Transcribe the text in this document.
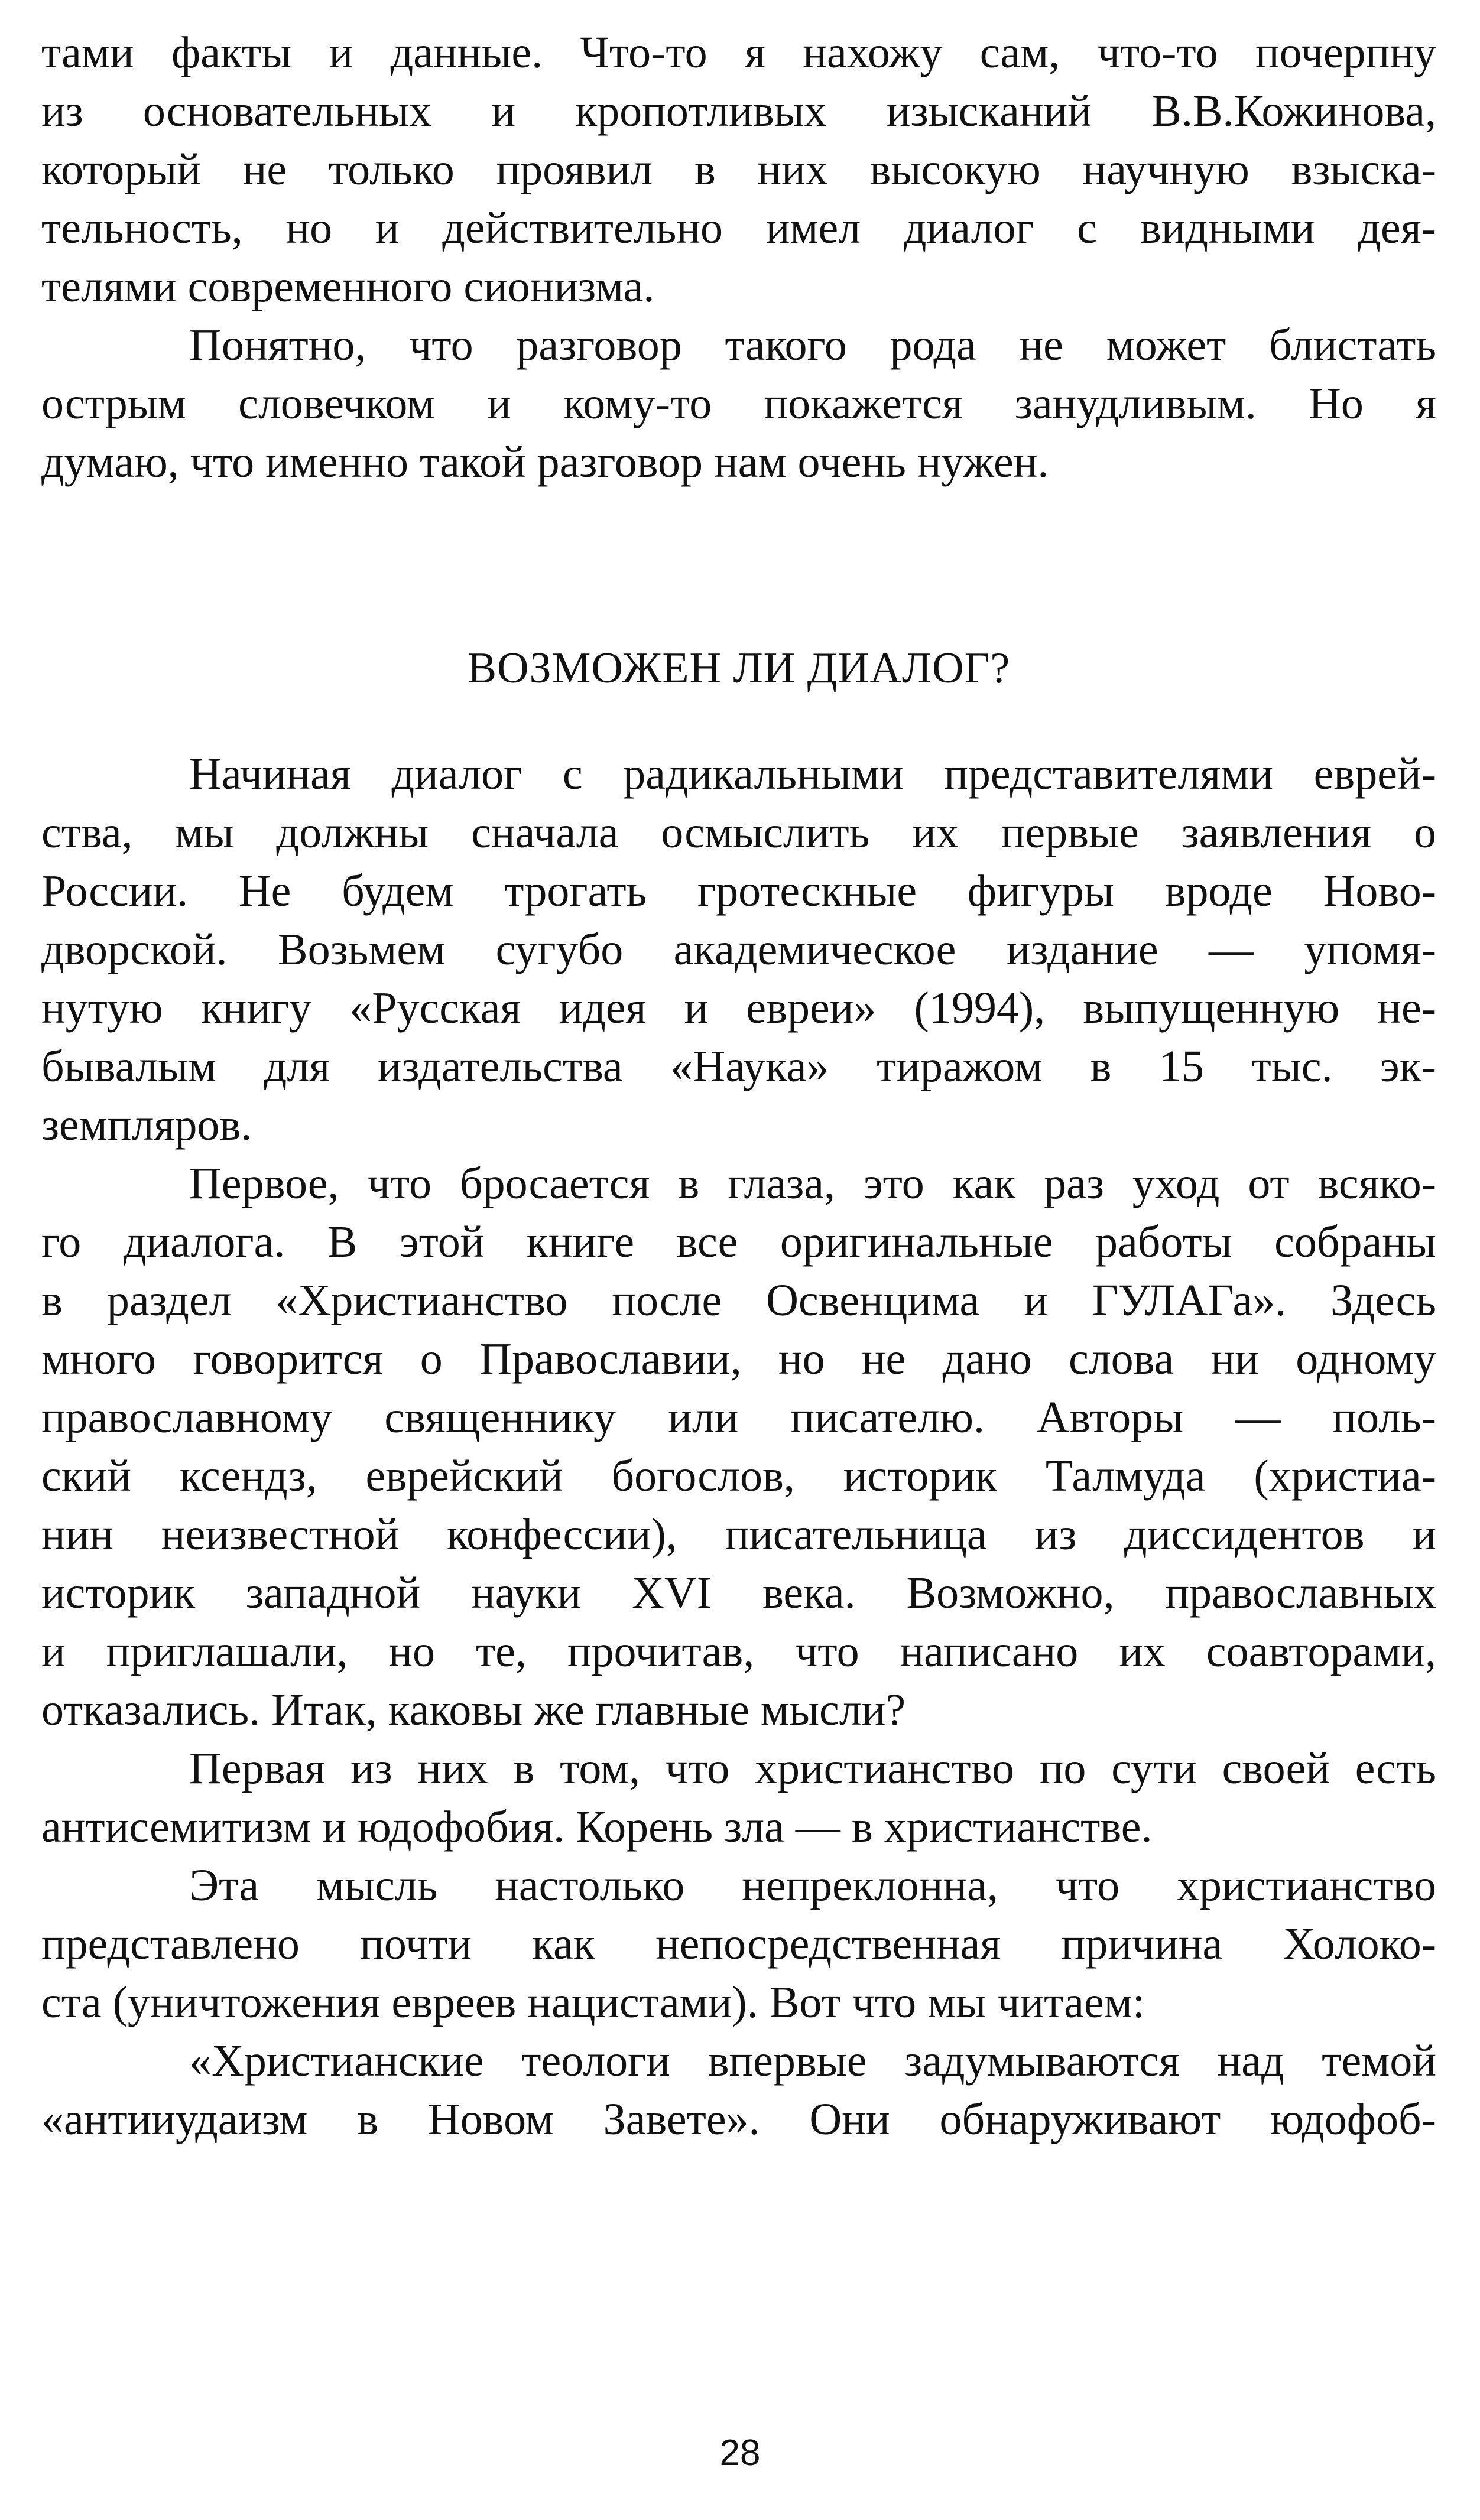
тами факты и данные. Что-то я нахожу сам, что-то почерпну
из основательных и кропотливых изысканий В.В.Кожинова,
который не только проявил в них высокую научную взыска-
тельность, но и действительно имел диалог с видными дея-
телями современного сионизма.

Понятно, что разговор такого рода не может блистать
острым словечком и кому-то покажется занудливым. Но я
думаю, что именно такой разговор нам очень нужен.

ВОЗМОЖЕН ЛИ ДИАЛОГ?

Начиная диалог с радикальными представителями еврей-
ства, мы должны сначала осмыслить их первые заявления о
России. Не будем трогать гротескные фигуры вроде Ново-
дворской. Возьмем сугубо академическое издание — упомя-
нутую книгу «Русская идея и евреи» (1994), выпущенную не-
бывалым для издательства «Наука» тиражом в 15 тыс. эк-
земпляров.

Первое, что бросается в глаза, это как раз уход от всяко-
го диалога. В этой книге все оригинальные работы собраны
в раздел «Христианство после Освенцима и ГУЛАГа». Здесь
много говорится о Православии, но не дано слова ни одному
православному священнику или писателю. Авторы — поль-
ский ксендз, еврейский богослов, историк Талмуда (христиа-
нин неизвестной конфессии), писательница из диссидентов и
историк западной науки XVI века. Возможно, православных
и приглашали, но те, прочитав, что написано их соавторами,
отказались. Итак, каковы же главные мысли?

Первая из них в том, что христианство по сути своей есть
антисемитизм и юдофобия. Корень зла — в христианстве.

Эта мысль настолько непреклонна, что христианство
представлено почти как непосредственная причина Холоко-
ста (уничтожения евреев нацистами). Вот что мы читаем:

«Христианские теологи впервые задумываются над темой
«антииудаизм в Новом Завете». Они обнаруживают юдофоб-

28
